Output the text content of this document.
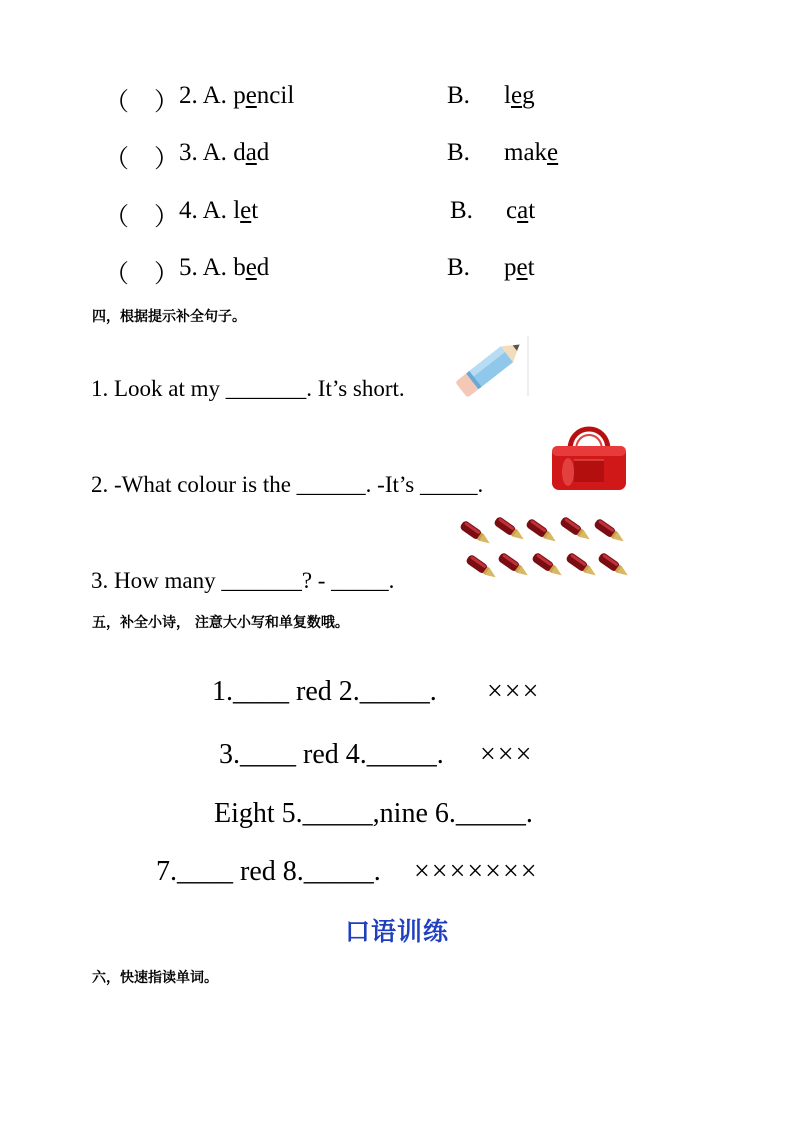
（　） 2. A. pencil	B. leg
（　） 3. A. dad	B. make
（　） 4. A. let	B. cat
（　） 5. A. bed	B. pet
四，根据提示补全句子。
1. Look at my _______. It’s short.
2. -What colour is the ______. -It’s _____.
3. How many _______? - _____.
五，补全小诗， 注意大小写和单复数哦。
1.____ red 2._____. ×××
3.____ red 4._____. ×××
Eight 5._____,nine 6._____.
7.____ red 8._____. ×××××××
口语训练
六，快速指读单词。
